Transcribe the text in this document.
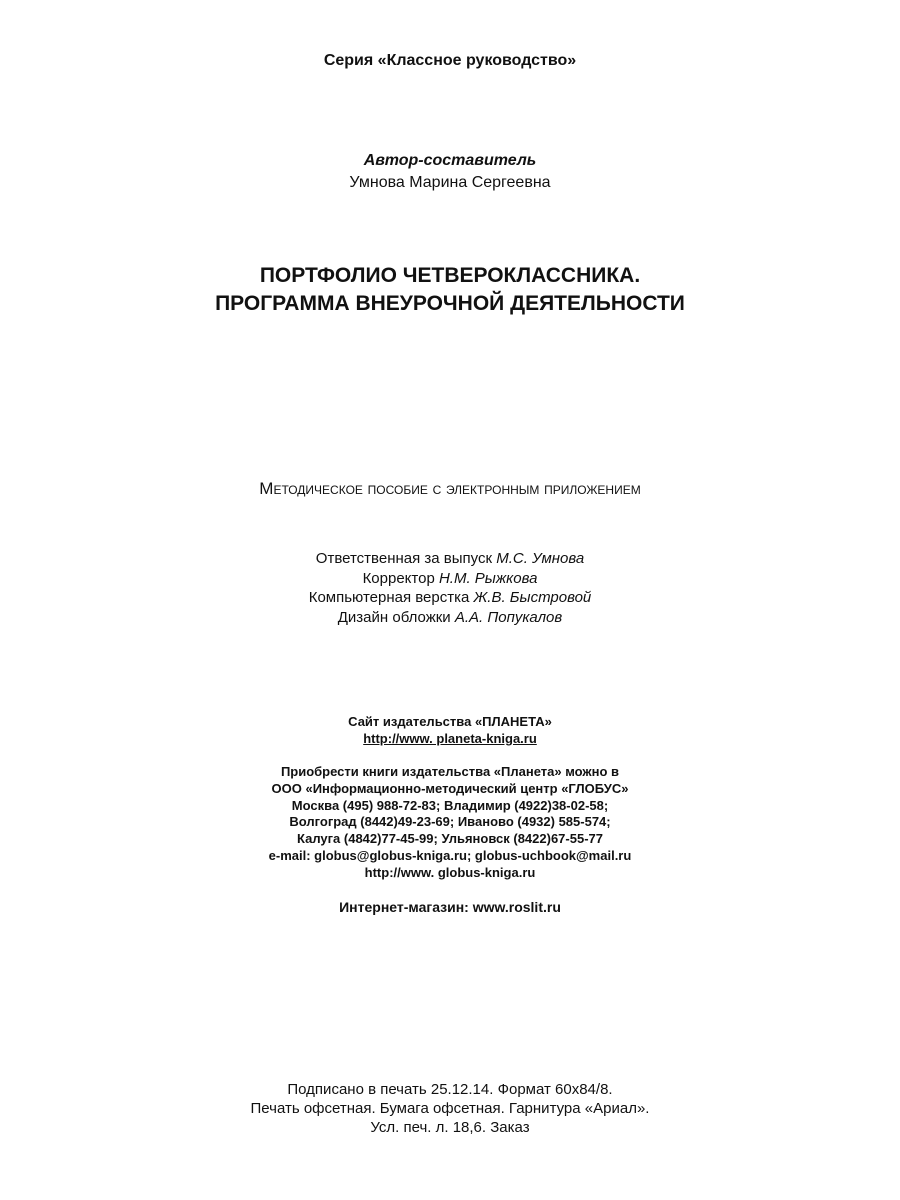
Серия «Классное руководство»
Автор-составитель
Умнова Марина Сергеевна
ПОРТФОЛИО ЧЕТВЕРОКЛАССНИКА.
ПРОГРАММА ВНЕУРОЧНОЙ ДЕЯТЕЛЬНОСТИ
Методическое пособие с электронным приложением
Ответственная за выпуск М.С. Умнова
Корректор Н.М. Рыжкова
Компьютерная верстка Ж.В. Быстровой
Дизайн обложки А.А. Попукалов
Сайт издательства «ПЛАНЕТА»
http://www. planeta-kniga.ru
Приобрести книги издательства «Планета» можно в
ООО «Информационно-методический центр «ГЛОБУС»
Москва (495) 988-72-83; Владимир (4922)38-02-58;
Волгоград (8442)49-23-69; Иваново (4932) 585-574;
Калуга (4842)77-45-99; Ульяновск (8422)67-55-77
e-mail: globus@globus-kniga.ru; globus-uchbook@mail.ru
http://www. globus-kniga.ru
Интернет-магазин: www.roslit.ru
Подписано в печать 25.12.14. Формат 60х84/8.
Печать офсетная. Бумага офсетная. Гарнитура «Ариал».
Усл. печ. л. 18,6. Заказ
